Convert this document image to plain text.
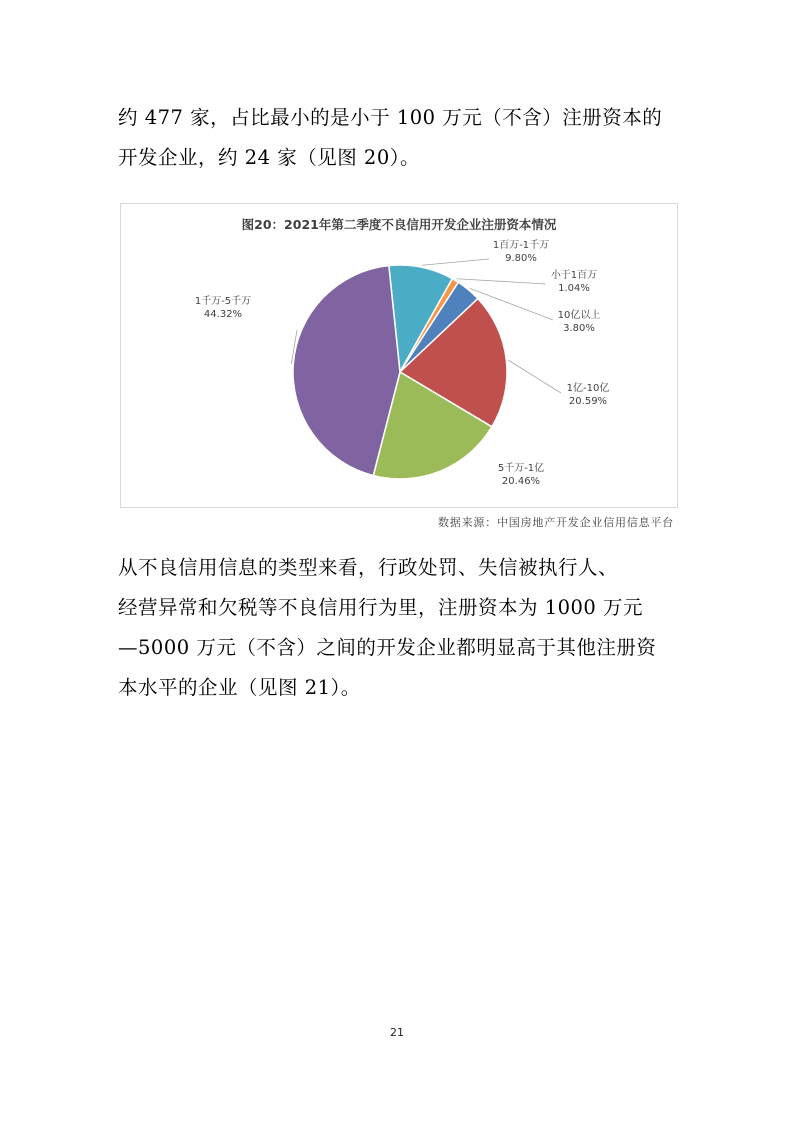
约 477 家，占比最小的是小于 100 万元（不含）注册资本的

开发企业，约 24 家（见图 20）。

图20：2021年第二季度不良信用开发企业注册资本情况
1百万-1千万
9.80%
小于1百万
1.04%
10亿以上
3.80%
1亿-10亿
20.59%
5千万-1亿
20.46%
1千万-5千万
44.32%
数据来源：中国房地产开发企业信用信息平台

从不良信用信息的类型来看，行政处罚、失信被执行人、

经营异常和欠税等不良信用行为里，注册资本为 1000 万元

—5000 万元（不含）之间的开发企业都明显高于其他注册资

本水平的企业（见图 21）。

21
